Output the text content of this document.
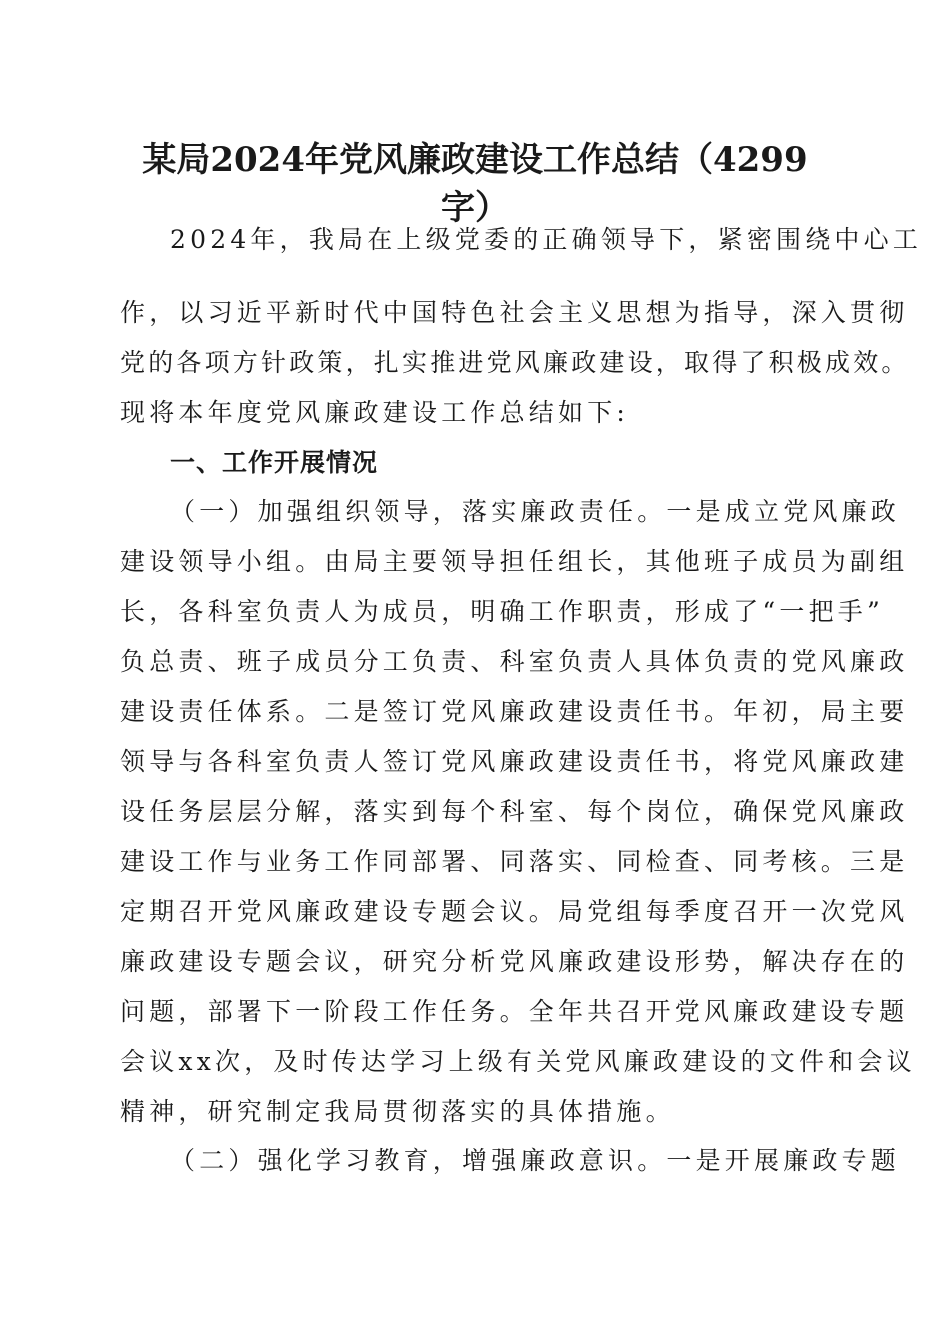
某局2024年党风廉政建设工作总结（4299
字）

2024年，我局在上级党委的正确领导下，紧密围绕中心工

作，以习近平新时代中国特色社会主义思想为指导，深入贯彻

党的各项方针政策，扎实推进党风廉政建设，取得了积极成效。

现将本年度党风廉政建设工作总结如下:

一、工作开展情况

（一）加强组织领导，落实廉政责任。一是成立党风廉政

建设领导小组。由局主要领导担任组长，其他班子成员为副组

长，各科室负责人为成员，明确工作职责，形成了“一把手”

负总责、班子成员分工负责、科室负责人具体负责的党风廉政

建设责任体系。二是签订党风廉政建设责任书。年初，局主要

领导与各科室负责人签订党风廉政建设责任书，将党风廉政建

设任务层层分解，落实到每个科室、每个岗位，确保党风廉政

建设工作与业务工作同部署、同落实、同检查、同考核。三是

定期召开党风廉政建设专题会议。局党组每季度召开一次党风

廉政建设专题会议，研究分析党风廉政建设形势，解决存在的

问题，部署下一阶段工作任务。全年共召开党风廉政建设专题

会议xx次，及时传达学习上级有关党风廉政建设的文件和会议

精神，研究制定我局贯彻落实的具体措施。

（二）强化学习教育，增强廉政意识。一是开展廉政专题
